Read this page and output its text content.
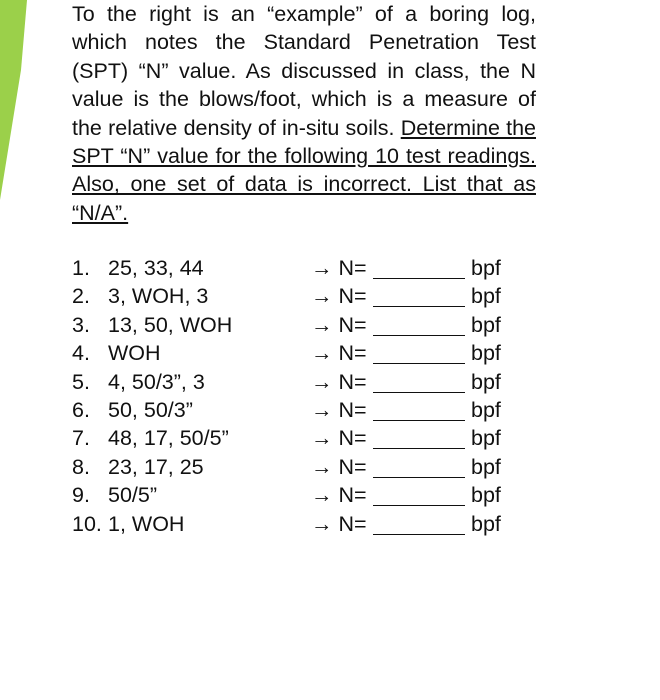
To the right is an “example” of a boring log, which notes the Standard Penetration Test (SPT) “N” value. As discussed in class, the N value is the blows/foot, which is a measure of the relative density of in-situ soils. Determine the SPT “N” value for the following 10 test readings. Also, one set of data is incorrect. List that as “N/A”.

1. 25, 33, 44	→ N=	bpf
2. 3, WOH, 3	→ N=	bpf
3. 13, 50, WOH	→ N=	bpf
4. WOH	→ N=	bpf
5. 4, 50/3”, 3	→ N=	bpf
6. 50, 50/3”	→ N=	bpf
7. 48, 17, 50/5”	→ N=	bpf
8. 23, 17, 25	→ N=	bpf
9. 50/5”	→ N=	bpf
10. 1, WOH	→ N=	bpf
